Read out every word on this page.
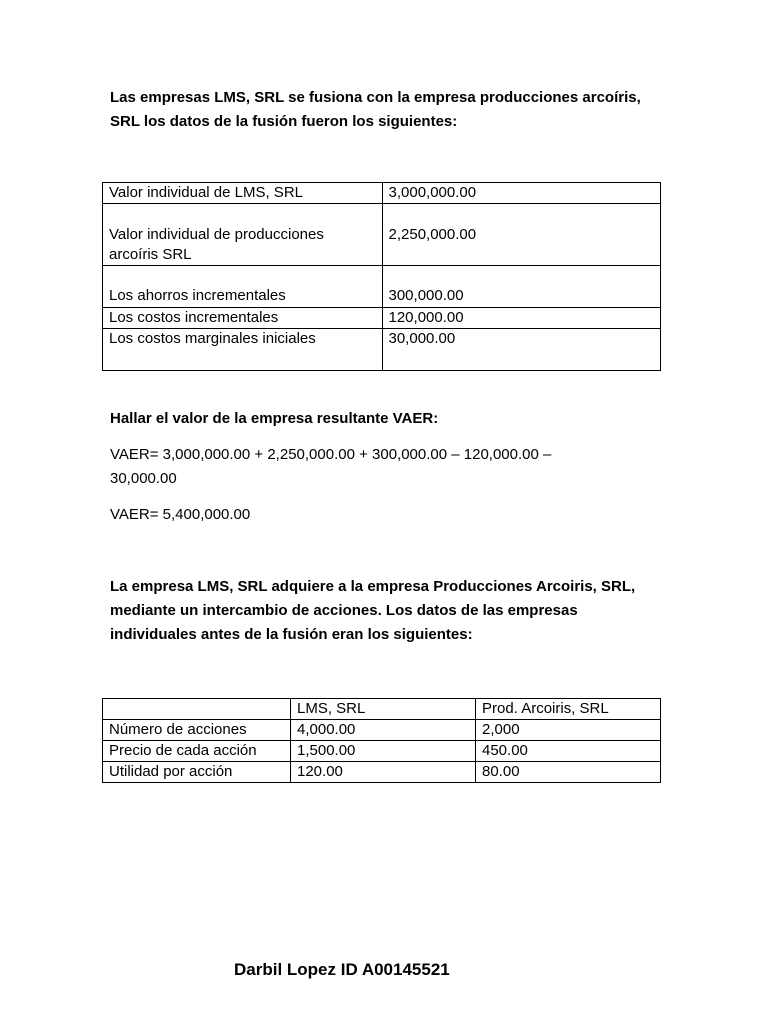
Las empresas LMS, SRL se fusiona con la empresa producciones arcoíris,
SRL los datos de la fusión fueron los siguientes:
Valor individual de LMS, SRL	3,000,000.00

Valor individual de producciones
arcoíris SRL	2,250,000.00
Los ahorros incrementales	300,000.00
Los costos incrementales	120,000.00
Los costos marginales iniciales	30,000.00
Hallar el valor de la empresa resultante VAER:
VAER= 3,000,000.00 + 2,250,000.00 + 300,000.00 – 120,000.00 –
30,000.00
VAER= 5,400,000.00
La empresa LMS, SRL adquiere a la empresa Producciones Arcoiris, SRL,
mediante un intercambio de acciones. Los datos de las empresas
individuales antes de la fusión eran los siguientes:
	LMS, SRL	Prod. Arcoiris, SRL
Número de acciones	4,000.00	2,000
Precio de cada acción	1,500.00	450.00
Utilidad por acción	120.00	80.00
Darbil Lopez ID A00145521
